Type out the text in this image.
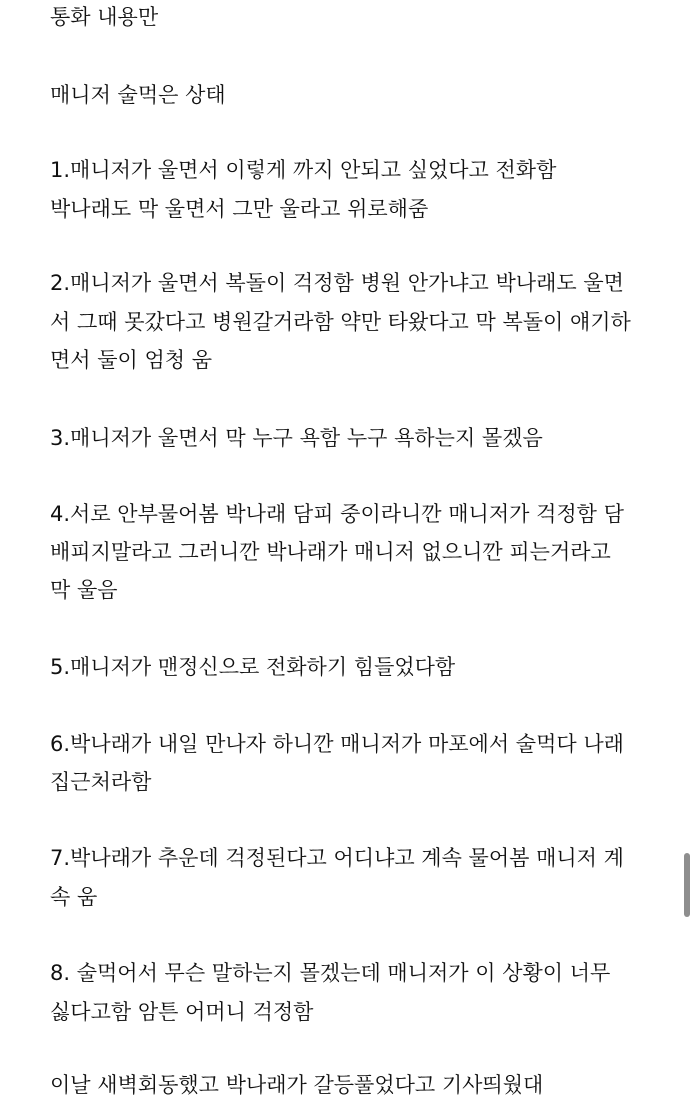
통화 내용만
매니저 술먹은 상태
1.매니저가 울면서 이렇게 까지 안되고 싶었다고 전화함
박나래도 막 울면서 그만 울라고 위로해줌
2.매니저가 울면서 복돌이 걱정함 병원 안가냐고 박나래도 울면
서 그때 못갔다고 병원갈거라함 약만 타왔다고 막 복돌이 얘기하
면서 둘이 엄청 움
3.매니저가 울면서 막 누구 욕함 누구 욕하는지 몰겠음
4.서로 안부물어봄 박나래 담피 중이라니깐 매니저가 걱정함 담
배피지말라고 그러니깐 박나래가 매니저 없으니깐 피는거라고
막 울음
5.매니저가 맨정신으로 전화하기 힘들었다함
6.박나래가 내일 만나자 하니깐 매니저가 마포에서 술먹다 나래
집근처라함
7.박나래가 추운데 걱정된다고 어디냐고 계속 물어봄 매니저 계
속 움
8. 술먹어서 무슨 말하는지 몰겠는데 매니저가 이 상황이 너무
싫다고함 암튼 어머니 걱정함
이날 새벽회동했고 박나래가 갈등풀었다고 기사띄웠대
